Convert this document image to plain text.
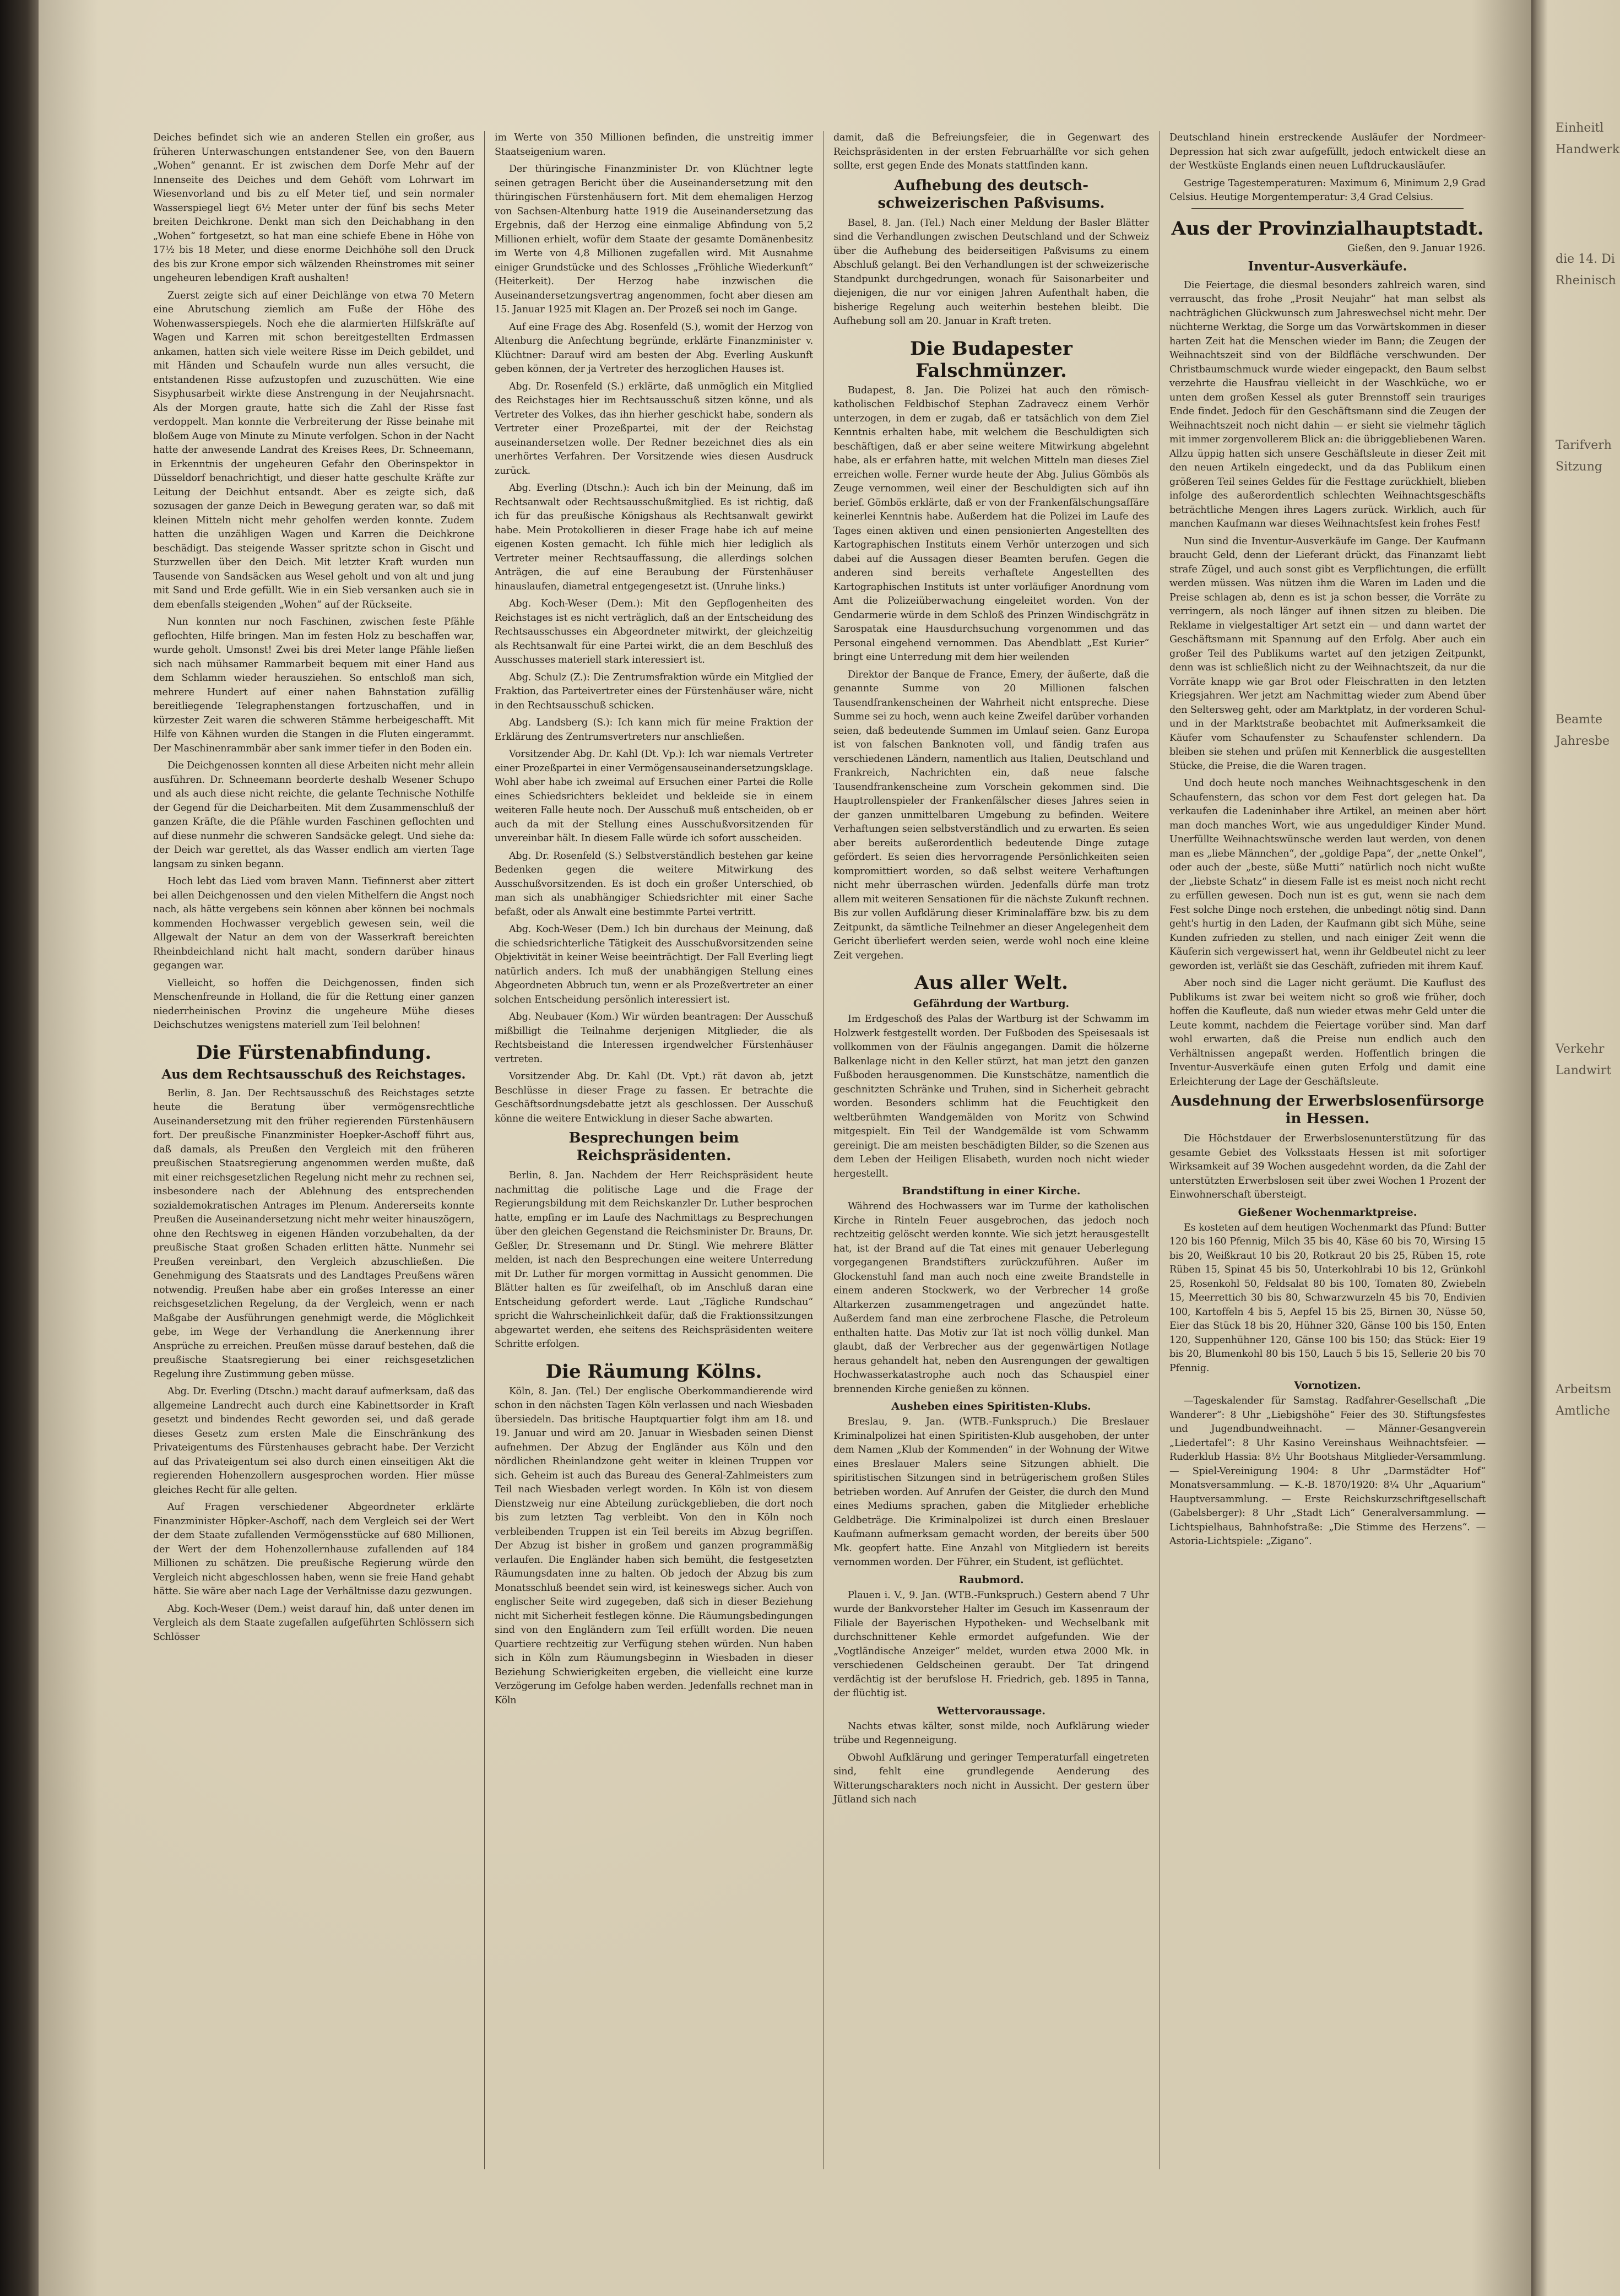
Deiches befindet sich wie an anderen Stellen ein großer, aus früheren Unterwaschungen entstandener See, von den Bauern „Wohen“ genannt. Er ist zwischen dem Dorfe Mehr auf der Innenseite des Deiches und dem Gehöft vom Lohrwart im Wiesenvorland und bis zu elf Meter tief, und sein normaler Wasserspiegel liegt 6½ Meter unter der fünf bis sechs Meter breiten Deichkrone. Denkt man sich den Deichabhang in den „Wohen“ fortgesetzt, so hat man eine schiefe Ebene in Höhe von 17½ bis 18 Meter, und diese enorme Deichhöhe soll den Druck des bis zur Krone empor sich wälzenden Rheinstromes mit seiner ungeheuren lebendigen Kraft aushalten!

Zuerst zeigte sich auf einer Deichlänge von etwa 70 Metern eine Abrutschung ziemlich am Fuße der Höhe des Wohenwasserspiegels. Noch ehe die alarmierten Hilfskräfte auf Wagen und Karren mit schon bereitgestellten Erdmassen ankamen, hatten sich viele weitere Risse im Deich gebildet, und mit Händen und Schaufeln wurde nun alles versucht, die entstandenen Risse aufzustopfen und zuzuschütten. Wie eine Sisyphusarbeit wirkte diese Anstrengung in der Neujahrsnacht. Als der Morgen graute, hatte sich die Zahl der Risse fast verdoppelt. Man konnte die Verbreiterung der Risse beinahe mit bloßem Auge von Minute zu Minute verfolgen. Schon in der Nacht hatte der anwesende Landrat des Kreises Rees, Dr. Schneemann, in Erkenntnis der ungeheuren Gefahr den Oberinspektor in Düsseldorf benachrichtigt, und dieser hatte geschulte Kräfte zur Leitung der Deichhut entsandt. Aber es zeigte sich, daß sozusagen der ganze Deich in Bewegung geraten war, so daß mit kleinen Mitteln nicht mehr geholfen werden konnte. Zudem hatten die unzähligen Wagen und Karren die Deichkrone beschädigt. Das steigende Wasser spritzte schon in Gischt und Sturzwellen über den Deich. Mit letzter Kraft wurden nun Tausende von Sandsäcken aus Wesel geholt und von alt und jung mit Sand und Erde gefüllt. Wie in ein Sieb versanken auch sie in dem ebenfalls steigenden „Wohen“ auf der Rückseite.

Nun konnten nur noch Faschinen, zwischen feste Pfähle geflochten, Hilfe bringen. Man im festen Holz zu beschaffen war, wurde geholt. Umsonst! Zwei bis drei Meter lange Pfähle ließen sich nach mühsamer Rammarbeit bequem mit einer Hand aus dem Schlamm wieder herausziehen. So entschloß man sich, mehrere Hundert auf einer nahen Bahnstation zufällig bereitliegende Telegraphenstangen fortzuschaffen, und in kürzester Zeit waren die schweren Stämme herbeigeschafft. Mit Hilfe von Kähnen wurden die Stangen in die Fluten eingerammt. Der Maschinenrammbär aber sank immer tiefer in den Boden ein.

Die Deichgenossen konnten all diese Arbeiten nicht mehr allein ausführen. Dr. Schneemann beorderte deshalb Wesener Schupo und als auch diese nicht reichte, die gelante Technische Nothilfe der Gegend für die Deicharbeiten. Mit dem Zusammenschluß der ganzen Kräfte, die die Pfähle wurden Faschinen geflochten und auf diese nunmehr die schweren Sandsäcke gelegt. Und siehe da: der Deich war gerettet, als das Wasser endlich am vierten Tage langsam zu sinken begann.

Hoch lebt das Lied vom braven Mann. Tiefinnerst aber zittert bei allen Deichgenossen und den vielen Mithelfern die Angst noch nach, als hätte vergebens sein können aber können bei nochmals kommenden Hochwasser vergeblich gewesen sein, weil die Allgewalt der Natur an dem von der Wasserkraft bereichten Rheinbdeichland nicht halt macht, sondern darüber hinaus gegangen war.

Vielleicht, so hoffen die Deichgenossen, finden sich Menschenfreunde in Holland, die für die Rettung einer ganzen niederrheinischen Provinz die ungeheure Mühe dieses Deichschutzes wenigstens materiell zum Teil belohnen!

Die Fürstenabfindung.
Aus dem Rechtsausschuß des Reichstages.

Berlin, 8. Jan. Der Rechtsausschuß des Reichstages setzte heute die Beratung über vermögensrechtliche Auseinandersetzung mit den früher regierenden Fürstenhäusern fort. Der preußische Finanzminister Hoepker-Aschoff führt aus, daß damals, als Preußen den Vergleich mit den früheren preußischen Staatsregierung angenommen werden mußte, daß mit einer reichsgesetzlichen Regelung nicht mehr zu rechnen sei, insbesondere nach der Ablehnung des entsprechenden sozialdemokratischen Antrages im Plenum. Andererseits konnte Preußen die Auseinandersetzung nicht mehr weiter hinauszögern, ohne den Rechtsweg in eigenen Händen vorzubehalten, da der preußische Staat großen Schaden erlitten hätte. Nunmehr sei Preußen vereinbart, den Vergleich abzuschließen. Die Genehmigung des Staatsrats und des Landtages Preußens wären notwendig. Preußen habe aber ein großes Interesse an einer reichsgesetzlichen Regelung, da der Vergleich, wenn er nach Maßgabe der Ausführungen genehmigt werde, die Möglichkeit gebe, im Wege der Verhandlung die Anerkennung ihrer Ansprüche zu erreichen. Preußen müsse darauf bestehen, daß die preußische Staatsregierung bei einer reichsgesetzlichen Regelung ihre Zustimmung geben müsse.

Abg. Dr. Everling (Dtschn.) macht darauf aufmerksam, daß das allgemeine Landrecht auch durch eine Kabinettsorder in Kraft gesetzt und bindendes Recht geworden sei, und daß gerade dieses Gesetz zum ersten Male die Einschränkung des Privateigentums des Fürstenhauses gebracht habe. Der Verzicht auf das Privateigentum sei also durch einen einseitigen Akt die regierenden Hohenzollern ausgesprochen worden. Hier müsse gleiches Recht für alle gelten.

Auf Fragen verschiedener Abgeordneter erklärte Finanzminister Höpker-Aschoff, nach dem Vergleich sei der Wert der dem Staate zufallenden Vermögensstücke auf 680 Millionen, der Wert der dem Hohenzollernhause zufallenden auf 184 Millionen zu schätzen. Die preußische Regierung würde den Vergleich nicht abgeschlossen haben, wenn sie freie Hand gehabt hätte. Sie wäre aber nach Lage der Verhältnisse dazu gezwungen.

Abg. Koch-Weser (Dem.) weist darauf hin, daß unter denen im Vergleich als dem Staate zugefallen aufgeführten Schlössern sich Schlösser

im Werte von 350 Millionen befinden, die unstreitig immer Staatseigenium waren.

Der thüringische Finanzminister Dr. von Klüchtner legte seinen getragen Bericht über die Auseinandersetzung mit den thüringischen Fürstenhäusern fort. Mit dem ehemaligen Herzog von Sachsen-Altenburg hatte 1919 die Auseinandersetzung das Ergebnis, daß der Herzog eine einmalige Abfindung von 5,2 Millionen erhielt, wofür dem Staate der gesamte Domänenbesitz im Werte von 4,8 Millionen zugefallen wird. Mit Ausnahme einiger Grundstücke und des Schlosses „Fröhliche Wiederkunft“ (Heiterkeit). Der Herzog habe inzwischen die Auseinandersetzungsvertrag angenommen, focht aber diesen am 15. Januar 1925 mit Klagen an. Der Prozeß sei noch im Gange.

Auf eine Frage des Abg. Rosenfeld (S.), womit der Herzog von Altenburg die Anfechtung begründe, erklärte Finanzminister v. Klüchtner: Darauf wird am besten der Abg. Everling Auskunft geben können, der ja Vertreter des herzoglichen Hauses ist.

Abg. Dr. Rosenfeld (S.) erklärte, daß unmöglich ein Mitglied des Reichstages hier im Rechtsausschuß sitzen könne, und als Vertreter des Volkes, das ihn hierher geschickt habe, sondern als Vertreter einer Prozeßpartei, mit der der Reichstag auseinandersetzen wolle. Der Redner bezeichnet dies als ein unerhörtes Verfahren. Der Vorsitzende wies diesen Ausdruck zurück.

Abg. Everling (Dtschn.): Auch ich bin der Meinung, daß im Rechtsanwalt oder Rechtsausschußmitglied. Es ist richtig, daß ich für das preußische Königshaus als Rechtsanwalt gewirkt habe. Mein Protokollieren in dieser Frage habe ich auf meine eigenen Kosten gemacht. Ich fühle mich hier lediglich als Vertreter meiner Rechtsauffassung, die allerdings solchen Anträgen, die auf eine Beraubung der Fürstenhäuser hinauslaufen, diametral entgegengesetzt ist. (Unruhe links.)

Abg. Koch-Weser (Dem.): Mit den Gepflogenheiten des Reichstages ist es nicht verträglich, daß an der Entscheidung des Rechtsausschusses ein Abgeordneter mitwirkt, der gleichzeitig als Rechtsanwalt für eine Partei wirkt, die an dem Beschluß des Ausschusses materiell stark interessiert ist.

Abg. Schulz (Z.): Die Zentrumsfraktion würde ein Mitglied der Fraktion, das Parteivertreter eines der Fürstenhäuser wäre, nicht in den Rechtsausschuß schicken.

Abg. Landsberg (S.): Ich kann mich für meine Fraktion der Erklärung des Zentrumsvertreters nur anschließen.

Vorsitzender Abg. Dr. Kahl (Dt. Vp.): Ich war niemals Vertreter einer Prozeßpartei in einer Vermögensauseinandersetzungsklage. Wohl aber habe ich zweimal auf Ersuchen einer Partei die Rolle eines Schiedsrichters bekleidet und bekleide sie in einem weiteren Falle heute noch. Der Ausschuß muß entscheiden, ob er auch da mit der Stellung eines Ausschußvorsitzenden für unvereinbar hält. In diesem Falle würde ich sofort ausscheiden.

Abg. Dr. Rosenfeld (S.) Selbstverständlich bestehen gar keine Bedenken gegen die weitere Mitwirkung des Ausschußvorsitzenden. Es ist doch ein großer Unterschied, ob man sich als unabhängiger Schiedsrichter mit einer Sache befaßt, oder als Anwalt eine bestimmte Partei vertritt.

Abg. Koch-Weser (Dem.) Ich bin durchaus der Meinung, daß die schiedsrichterliche Tätigkeit des Ausschußvorsitzenden seine Objektivität in keiner Weise beeinträchtigt. Der Fall Everling liegt natürlich anders. Ich muß der unabhängigen Stellung eines Abgeordneten Abbruch tun, wenn er als Prozeßvertreter an einer solchen Entscheidung persönlich interessiert ist.

Abg. Neubauer (Kom.) Wir würden beantragen: Der Ausschuß mißbilligt die Teilnahme derjenigen Mitglieder, die als Rechtsbeistand die Interessen irgendwelcher Fürstenhäuser vertreten.

Vorsitzender Abg. Dr. Kahl (Dt. Vpt.) rät davon ab, jetzt Beschlüsse in dieser Frage zu fassen. Er betrachte die Geschäftsordnungsdebatte jetzt als geschlossen. Der Ausschuß könne die weitere Entwicklung in dieser Sache abwarten.

Besprechungen beim Reichspräsidenten.

Berlin, 8. Jan. Nachdem der Herr Reichspräsident heute nachmittag die politische Lage und die Frage der Regierungsbildung mit dem Reichskanzler Dr. Luther besprochen hatte, empfing er im Laufe des Nachmittags zu Besprechungen über den gleichen Gegenstand die Reichsminister Dr. Brauns, Dr. Geßler, Dr. Stresemann und Dr. Stingl. Wie mehrere Blätter melden, ist nach den Besprechungen eine weitere Unterredung mit Dr. Luther für morgen vormittag in Aussicht genommen. Die Blätter halten es für zweifelhaft, ob im Anschluß daran eine Entscheidung gefordert werde. Laut „Tägliche Rundschau“ spricht die Wahrscheinlichkeit dafür, daß die Fraktionssitzungen abgewartet werden, ehe seitens des Reichspräsidenten weitere Schritte erfolgen.

Die Räumung Kölns.

Köln, 8. Jan. (Tel.) Der englische Oberkommandierende wird schon in den nächsten Tagen Köln verlassen und nach Wiesbaden übersiedeln. Das britische Hauptquartier folgt ihm am 18. und 19. Januar und wird am 20. Januar in Wiesbaden seinen Dienst aufnehmen. Der Abzug der Engländer aus Köln und den nördlichen Rheinlandzone geht weiter in kleinen Truppen vor sich. Geheim ist auch das Bureau des General-Zahlmeisters zum Teil nach Wiesbaden verlegt worden. In Köln ist von diesem Dienstzweig nur eine Abteilung zurückgeblieben, die dort noch bis zum letzten Tag verbleibt. Von den in Köln noch verbleibenden Truppen ist ein Teil bereits im Abzug begriffen. Der Abzug ist bisher in großem und ganzen programmäßig verlaufen. Die Engländer haben sich bemüht, die festgesetzten Räumungsdaten inne zu halten. Ob jedoch der Abzug bis zum Monatsschluß beendet sein wird, ist keineswegs sicher. Auch von englischer Seite wird zugegeben, daß sich in dieser Beziehung nicht mit Sicherheit festlegen könne. Die Räumungsbedingungen sind von den Engländern zum Teil erfüllt worden. Die neuen Quartiere rechtzeitig zur Verfügung stehen würden. Nun haben sich in Köln zum Räumungsbeginn in Wiesbaden in dieser Beziehung Schwierigkeiten ergeben, die vielleicht eine kurze Verzögerung im Gefolge haben werden. Jedenfalls rechnet man in Köln

damit, daß die Befreiungsfeier, die in Gegenwart des Reichspräsidenten in der ersten Februarhälfte vor sich gehen sollte, erst gegen Ende des Monats stattfinden kann.

Aufhebung des deutsch-schweizerischen Paßvisums.

Basel, 8. Jan. (Tel.) Nach einer Meldung der Basler Blätter sind die Verhandlungen zwischen Deutschland und der Schweiz über die Aufhebung des beiderseitigen Paßvisums zu einem Abschluß gelangt. Bei den Verhandlungen ist der schweizerische Standpunkt durchgedrungen, wonach für Saisonarbeiter und diejenigen, die nur vor einigen Jahren Aufenthalt haben, die bisherige Regelung auch weiterhin bestehen bleibt. Die Aufhebung soll am 20. Januar in Kraft treten.

Die Budapester Falschmünzer.

Budapest, 8. Jan. Die Polizei hat auch den römisch-katholischen Feldbischof Stephan Zadravecz einem Verhör unterzogen, in dem er zugab, daß er tatsächlich von dem Ziel Kenntnis erhalten habe, mit welchem die Beschuldigten sich beschäftigen, daß er aber seine weitere Mitwirkung abgelehnt habe, als er erfahren hatte, mit welchen Mitteln man dieses Ziel erreichen wolle. Ferner wurde heute der Abg. Julius Gömbös als Zeuge vernommen, weil einer der Beschuldigten sich auf ihn berief. Gömbös erklärte, daß er von der Frankenfälschungsaffäre keinerlei Kenntnis habe. Außerdem hat die Polizei im Laufe des Tages einen aktiven und einen pensionierten Angestellten des Kartographischen Instituts einem Verhör unterzogen und sich dabei auf die Aussagen dieser Beamten berufen. Gegen die anderen sind bereits verhaftete Angestellten des Kartographischen Instituts ist unter vorläufiger Anordnung vom Amt die Polizeiüberwachung eingeleitet worden. Von der Gendarmerie würde in dem Schloß des Prinzen Windischgrätz in Sarospatak eine Hausdurchsuchung vorgenommen und das Personal eingehend vernommen. Das Abendblatt „Est Kurier“ bringt eine Unterredung mit dem hier weilenden

Direktor der Banque de France, Emery, der äußerte, daß die genannte Summe von 20 Millionen falschen Tausendfrankenscheinen der Wahrheit nicht entspreche. Diese Summe sei zu hoch, wenn auch keine Zweifel darüber vorhanden seien, daß bedeutende Summen im Umlauf seien. Ganz Europa ist von falschen Banknoten voll, und fändig trafen aus verschiedenen Ländern, namentlich aus Italien, Deutschland und Frankreich, Nachrichten ein, daß neue falsche Tausendfrankenscheine zum Vorschein gekommen sind. Die Hauptrollenspieler der Frankenfälscher dieses Jahres seien in der ganzen unmittelbaren Umgebung zu befinden. Weitere Verhaftungen seien selbstverständlich und zu erwarten. Es seien aber bereits außerordentlich bedeutende Dinge zutage gefördert. Es seien dies hervorragende Persönlichkeiten seien kompromittiert worden, so daß selbst weitere Verhaftungen nicht mehr überraschen würden. Jedenfalls dürfe man trotz allem mit weiteren Sensationen für die nächste Zukunft rechnen. Bis zur vollen Aufklärung dieser Kriminalaffäre bzw. bis zu dem Zeitpunkt, da sämtliche Teilnehmer an dieser Angelegenheit dem Gericht überliefert werden seien, werde wohl noch eine kleine Zeit vergehen.

Aus aller Welt.
Gefährdung der Wartburg.

Im Erdgeschoß des Palas der Wartburg ist der Schwamm im Holzwerk festgestellt worden. Der Fußboden des Speisesaals ist vollkommen von der Fäulnis angegangen. Damit die hölzerne Balkenlage nicht in den Keller stürzt, hat man jetzt den ganzen Fußboden herausgenommen. Die Kunstschätze, namentlich die geschnitzten Schränke und Truhen, sind in Sicherheit gebracht worden. Besonders schlimm hat die Feuchtigkeit den weltberühmten Wandgemälden von Moritz von Schwind mitgespielt. Ein Teil der Wandgemälde ist vom Schwamm gereinigt. Die am meisten beschädigten Bilder, so die Szenen aus dem Leben der Heiligen Elisabeth, wurden noch nicht wieder hergestellt.

Brandstiftung in einer Kirche.

Während des Hochwassers war im Turme der katholischen Kirche in Rinteln Feuer ausgebrochen, das jedoch noch rechtzeitig gelöscht werden konnte. Wie sich jetzt herausgestellt hat, ist der Brand auf die Tat eines mit genauer Ueberlegung vorgegangenen Brandstifters zurückzuführen. Außer im Glockenstuhl fand man auch noch eine zweite Brandstelle in einem anderen Stockwerk, wo der Verbrecher 14 große Altarkerzen zusammengetragen und angezündet hatte. Außerdem fand man eine zerbrochene Flasche, die Petroleum enthalten hatte. Das Motiv zur Tat ist noch völlig dunkel. Man glaubt, daß der Verbrecher aus der gegenwärtigen Notlage heraus gehandelt hat, neben den Ausrengungen der gewaltigen Hochwasserkatastrophe auch noch das Schauspiel einer brennenden Kirche genießen zu können.

Ausheben eines Spiritisten-Klubs.

Breslau, 9. Jan. (WTB.-Funkspruch.) Die Breslauer Kriminalpolizei hat einen Spiritisten-Klub ausgehoben, der unter dem Namen „Klub der Kommenden“ in der Wohnung der Witwe eines Breslauer Malers seine Sitzungen abhielt. Die spiritistischen Sitzungen sind in betrügerischem großen Stiles betrieben worden. Auf Anrufen der Geister, die durch den Mund eines Mediums sprachen, gaben die Mitglieder erhebliche Geldbeträge. Die Kriminalpolizei ist durch einen Breslauer Kaufmann aufmerksam gemacht worden, der bereits über 500 Mk. geopfert hatte. Eine Anzahl von Mitgliedern ist bereits vernommen worden. Der Führer, ein Student, ist geflüchtet.

Raubmord.

Plauen i. V., 9. Jan. (WTB.-Funkspruch.) Gestern abend 7 Uhr wurde der Bankvorsteher Halter im Gesuch im Kassenraum der Filiale der Bayerischen Hypotheken- und Wechselbank mit durchschnittener Kehle ermordet aufgefunden. Wie der „Vogtländische Anzeiger“ meldet, wurden etwa 2000 Mk. in verschiedenen Geldscheinen geraubt. Der Tat dringend verdächtig ist der berufslose H. Friedrich, geb. 1895 in Tanna, der flüchtig ist.

Wettervoraussage.

Nachts etwas kälter, sonst milde, noch Aufklärung wieder trübe und Regenneigung.

Obwohl Aufklärung und geringer Temperaturfall eingetreten sind, fehlt eine grundlegende Aenderung des Witterungscharakters noch nicht in Aussicht. Der gestern über Jütland sich nach

Deutschland hinein erstreckende Ausläufer der Nordmeer-Depression hat sich zwar aufgefüllt, jedoch entwickelt diese an der Westküste Englands einen neuen Luftdruckausläufer.

Gestrige Tagestemperaturen: Maximum 6, Minimum 2,9 Grad Celsius. Heutige Morgentemperatur: 3,4 Grad Celsius.

Aus der Provinzialhauptstadt.
Gießen, den 9. Januar 1926.
Inventur-Ausverkäufe.

Die Feiertage, die diesmal besonders zahlreich waren, sind verrauscht, das frohe „Prosit Neujahr“ hat man selbst als nachträglichen Glückwunsch zum Jahreswechsel nicht mehr. Der nüchterne Werktag, die Sorge um das Vorwärtskommen in dieser harten Zeit hat die Menschen wieder im Bann; die Zeugen der Weihnachtszeit sind von der Bildfläche verschwunden. Der Christbaumschmuck wurde wieder eingepackt, den Baum selbst verzehrte die Hausfrau vielleicht in der Waschküche, wo er unten dem großen Kessel als guter Brennstoff sein trauriges Ende findet. Jedoch für den Geschäftsmann sind die Zeugen der Weihnachtszeit noch nicht dahin — er sieht sie vielmehr täglich mit immer zorgenvollerem Blick an: die übriggebliebenen Waren. Allzu üppig hatten sich unsere Geschäftsleute in dieser Zeit mit den neuen Artikeln eingedeckt, und da das Publikum einen größeren Teil seines Geldes für die Festtage zurückhielt, blieben infolge des außerordentlich schlechten Weihnachtsgeschäfts beträchtliche Mengen ihres Lagers zurück. Wirklich, auch für manchen Kaufmann war dieses Weihnachtsfest kein frohes Fest!

Nun sind die Inventur-Ausverkäufe im Gange. Der Kaufmann braucht Geld, denn der Lieferant drückt, das Finanzamt liebt strafe Zügel, und auch sonst gibt es Verpflichtungen, die erfüllt werden müssen. Was nützen ihm die Waren im Laden und die Preise schlagen ab, denn es ist ja schon besser, die Vorräte zu verringern, als noch länger auf ihnen sitzen zu bleiben. Die Reklame in vielgestaltiger Art setzt ein — und dann wartet der Geschäftsmann mit Spannung auf den Erfolg. Aber auch ein großer Teil des Publikums wartet auf den jetzigen Zeitpunkt, denn was ist schließlich nicht zu der Weihnachtszeit, da nur die Vorräte knapp wie gar Brot oder Fleischratten in den letzten Kriegsjahren. Wer jetzt am Nachmittag wieder zum Abend über den Seltersweg geht, oder am Marktplatz, in der vorderen Schul- und in der Marktstraße beobachtet mit Aufmerksamkeit die Käufer vom Schaufenster zu Schaufenster schlendern. Da bleiben sie stehen und prüfen mit Kennerblick die ausgestellten Stücke, die Preise, die die Waren tragen.

Und doch heute noch manches Weihnachtsgeschenk in den Schaufenstern, das schon vor dem Fest dort gelegen hat. Da verkaufen die Ladeninhaber ihre Artikel, an meinen aber hört man doch manches Wort, wie aus ungeduldiger Kinder Mund. Unerfüllte Weihnachtswünsche werden laut werden, von denen man es „liebe Männchen“, der „goldige Papa“, der „nette Onkel“, oder auch der „beste, süße Mutti“ natürlich noch nicht wußte der „liebste Schatz“ in diesem Falle ist es meist noch nicht recht zu erfüllen gewesen. Doch nun ist es gut, wenn sie nach dem Fest solche Dinge noch erstehen, die unbedingt nötig sind. Dann geht's hurtig in den Laden, der Kaufmann gibt sich Mühe, seine Kunden zufrieden zu stellen, und nach einiger Zeit wenn die Käuferin sich vergewissert hat, wenn ihr Geldbeutel nicht zu leer geworden ist, verläßt sie das Geschäft, zufrieden mit ihrem Kauf.

Aber noch sind die Lager nicht geräumt. Die Kauflust des Publikums ist zwar bei weitem nicht so groß wie früher, doch hoffen die Kaufleute, daß nun wieder etwas mehr Geld unter die Leute kommt, nachdem die Feiertage vorüber sind. Man darf wohl erwarten, daß die Preise nun endlich auch den Verhältnissen angepaßt werden. Hoffentlich bringen die Inventur-Ausverkäufe einen guten Erfolg und damit eine Erleichterung der Lage der Geschäftsleute.

Ausdehnung der Erwerbslosenfürsorge in Hessen.

Die Höchstdauer der Erwerbslosenunterstützung für das gesamte Gebiet des Volksstaats Hessen ist mit sofortiger Wirksamkeit auf 39 Wochen ausgedehnt worden, da die Zahl der unterstützten Erwerbslosen seit über zwei Wochen 1 Prozent der Einwohnerschaft übersteigt.

Gießener Wochenmarktpreise.

Es kosteten auf dem heutigen Wochenmarkt das Pfund: Butter 120 bis 160 Pfennig, Milch 35 bis 40, Käse 60 bis 70, Wirsing 15 bis 20, Weißkraut 10 bis 20, Rotkraut 20 bis 25, Rüben 15, rote Rüben 15, Spinat 45 bis 50, Unterkohlrabi 10 bis 12, Grünkohl 25, Rosenkohl 50, Feldsalat 80 bis 100, Tomaten 80, Zwiebeln 15, Meerrettich 30 bis 80, Schwarzwurzeln 45 bis 70, Endivien 100, Kartoffeln 4 bis 5, Aepfel 15 bis 25, Birnen 30, Nüsse 50, Eier das Stück 18 bis 20, Hühner 320, Gänse 100 bis 150, Enten 120, Suppenhühner 120, Gänse 100 bis 150; das Stück: Eier 19 bis 20, Blumenkohl 80 bis 150, Lauch 5 bis 15, Sellerie 20 bis 70 Pfennig.

Vornotizen.

—Tageskalender für Samstag. Radfahrer-Gesellschaft „Die Wanderer“: 8 Uhr „Liebigshöhe“ Feier des 30. Stiftungsfestes und Jugendbundweihnacht. — Männer-Gesangverein „Liedertafel“: 8 Uhr Kasino Vereinshaus Weihnachtsfeier. — Ruderklub Hassia: 8½ Uhr Bootshaus Mitglieder-Versammlung. — Spiel-Vereinigung 1904: 8 Uhr „Darmstädter Hof“ Monatsversammlung. — K.-B. 1870/1920: 8¼ Uhr „Aquarium“ Hauptversammlung. — Erste Reichskurzschriftgesellschaft (Gabelsberger): 8 Uhr „Stadt Lich“ Generalversammlung. — Lichtspielhaus, Bahnhofstraße: „Die Stimme des Herzens“. — Astoria-Lichtspiele: „Zigano“.

Einheitl
Handwerk
die 14. Di
Rheinisch
Tarifverh
Sitzung
Beamte
Jahresbe
Verkehr
Landwirt
Arbeitsm
Amtliche
